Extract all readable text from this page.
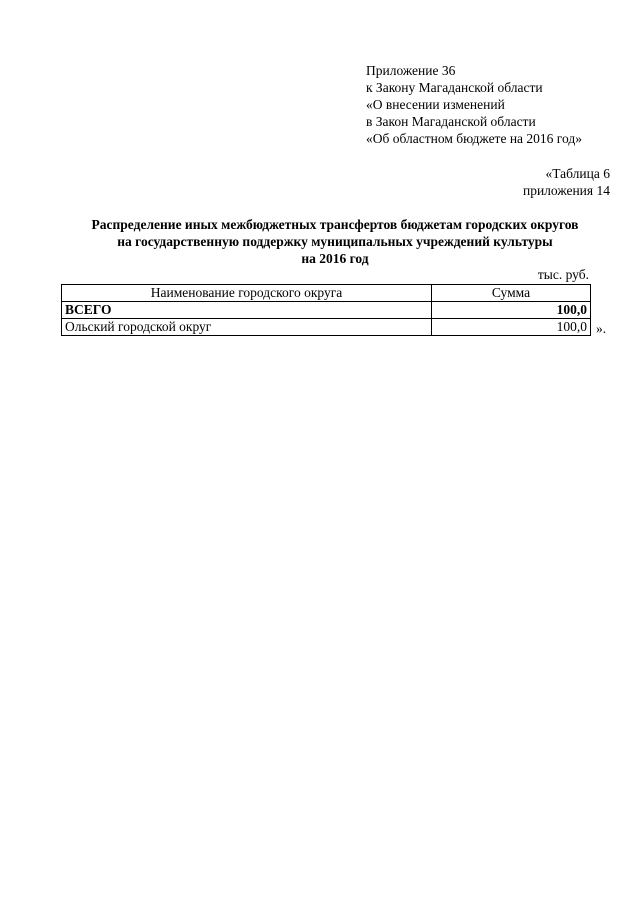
Приложение 36
к Закону Магаданской области
«О внесении изменений
в Закон Магаданской области
«Об областном бюджете на 2016 год»
«Таблица 6
приложения 14
Распределение иных межбюджетных трансфертов бюджетам городских округов
на государственную поддержку муниципальных учреждений культуры
на 2016 год
тыс. руб.
Наименование городского округа	Сумма
ВСЕГО	100,0
Ольский городской округ	100,0 ».
